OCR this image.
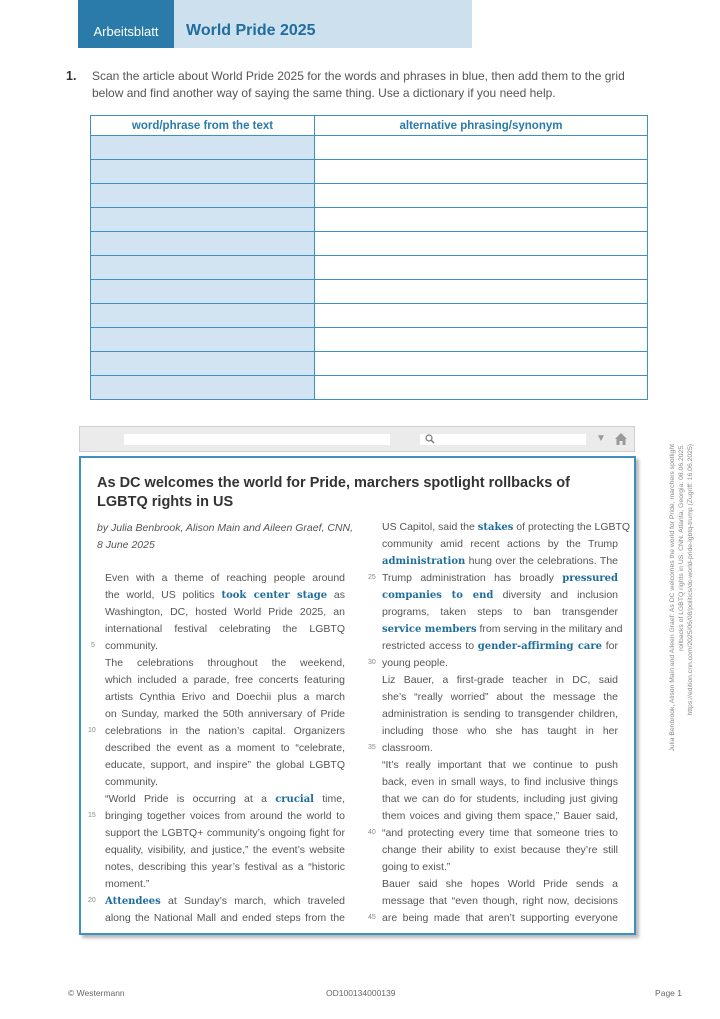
Arbeitsblatt	World Pride 2025
1. Scan the article about World Pride 2025 for the words and phrases in blue, then add them to the grid below and find another way of saying the same thing. Use a dictionary if you need help.
word/phrase from the text	alternative phrasing/synonym

▼
As DC welcomes the world for Pride, marchers spotlight rollbacks of LGBTQ rights in US
by Julia Benbrook, Alison Main and Aileen Graef, CNN, 8 June 2025
Even with a theme of reaching people around
the world, US politics took center stage as
Washington, DC, hosted World Pride 2025, an
international festival celebrating the LGBTQ
community.
The celebrations throughout the weekend,
which included a parade, free concerts featuring
artists Cynthia Erivo and Doechii plus a march
on Sunday, marked the 50th anniversary of Pride
celebrations in the nation’s capital. Organizers
described the event as a moment to “celebrate,
educate, support, and inspire” the global LGBTQ
community.
“World Pride is occurring at a crucial time,
bringing together voices from around the world to
support the LGBTQ+ community’s ongoing fight for
equality, visibility, and justice,” the event’s website
notes, describing this year’s festival as a “historic
moment.”
Attendees at Sunday’s march, which traveled
along the National Mall and ended steps from the
5
10
15
20
US Capitol, said the stakes of protecting the LGBTQ
community amid recent actions by the Trump
administration hung over the celebrations. The
Trump administration has broadly pressured
companies to end diversity and inclusion
programs, taken steps to ban transgender
service members from serving in the military and
restricted access to gender-affirming care for
young people.
Liz Bauer, a first-grade teacher in DC, said
she’s “really worried” about the message the
administration is sending to transgender children,
including those who she has taught in her
classroom.
“It’s really important that we continue to push
back, even in small ways, to find inclusive things
that we can do for students, including just giving
them voices and giving them space,” Bauer said,
“and protecting every time that someone tries to
change their ability to exist because they’re still
going to exist.”
Bauer said she hopes World Pride sends a
message that “even though, right now, decisions
are being made that aren’t supporting everyone
25
30
35
40
45
Julia Benbrook, Alison Main and Aileen Graef: As DC welcomes the world for Pride, marchers spotlight rollbacks of LGBTQ rights in US. CNN. Atlanta, Georgia: 08.06.2025. https://edition.cnn.com/2025/06/08/politics/dc-world-pride-lgbtq-trump (Zugriff: 16.06.2025)
© Westermann	OD100134000139	Page 1
